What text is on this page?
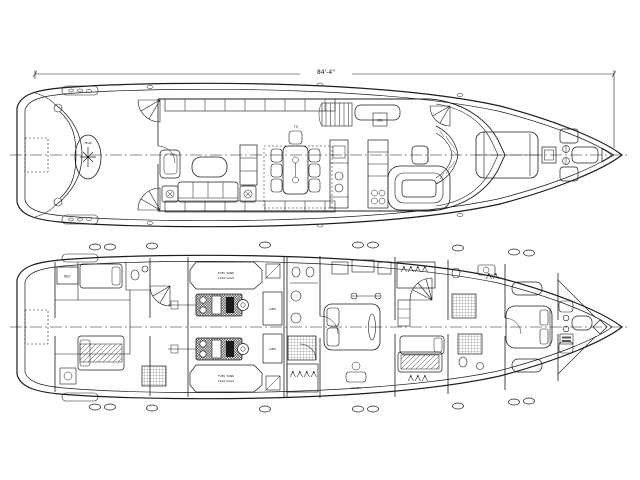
84'-4"
TEAK
TV
DN
REF.
FUEL TANK
1100 GALS
FUEL TANK
1100 GALS
GEN
GEN
VANITY
